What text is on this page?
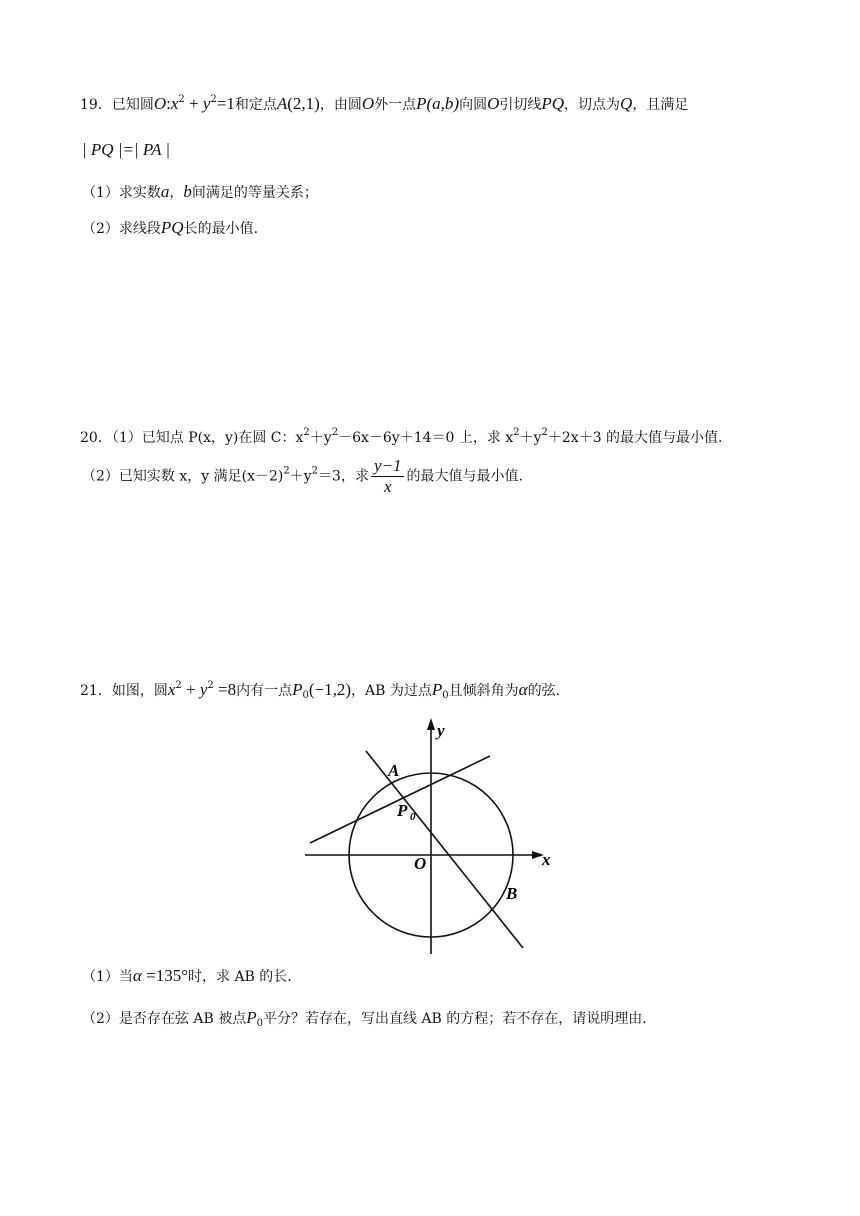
19．已知圆$O:x^2 + y^2=1$和定点A(2,1)，由圆O外一点P(a,b)向圆O引切线PQ，切点为Q，且满足
| PQ |=| PA |
（1）求实数a，b间满足的等量关系；
（2）求线段PQ长的最小值.
20．（1）已知点 P(x，y)在圆 C：$x^2+y^2-6x-6y+14=0$ 上，求 $x^2+y^2+2x+3$ 的最大值与最小值.
（2）已知实数 x，y 满足$(x-2)^2+y^2=3$，求 $\frac{y-1}{x}$ 的最大值与最小值.
21．如图，圆$x^2 + y^2 =8$内有一点$P_0(-1,2)$，AB 为过点$P_0$且倾斜角为α的弦.
y
x
A
P 0
O
B
（1）当α =135°时，求 AB 的长.
（2）是否存在弦 AB 被点$P_0$平分？若存在，写出直线 AB 的方程；若不存在，请说明理由.
